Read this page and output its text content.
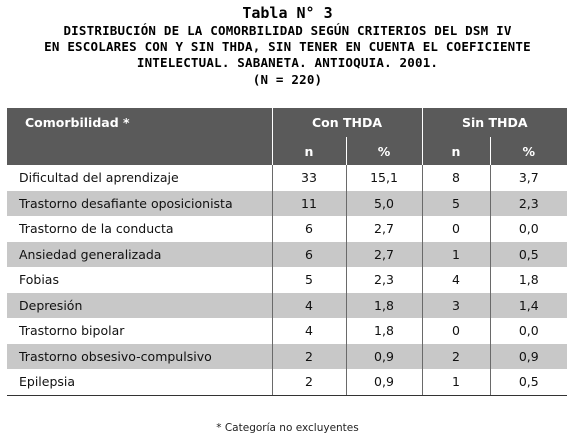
Tabla N° 3
DISTRIBUCIÓN DE LA COMORBILIDAD SEGÚN CRITERIOS DEL DSM IV
EN ESCOLARES CON Y SIN THDA, SIN TENER EN CUENTA EL COEFICIENTE
INTELECTUAL. SABANETA. ANTIOQUIA. 2001.
(N = 220)
Comorbilidad *	Con THDA		Sin THDA	
	n	%	n	%
Dificultad del aprendizaje	33	15,1	8	3,7
Trastorno desafiante oposicionista	11	5,0	5	2,3
Trastorno de la conducta	6	2,7	0	0,0
Ansiedad generalizada	6	2,7	1	0,5
Fobias	5	2,3	4	1,8
Depresión	4	1,8	3	1,4
Trastorno bipolar	4	1,8	0	0,0
Trastorno obsesivo-compulsivo	2	0,9	2	0,9
Epilepsia	2	0,9	1	0,5
* Categoría no excluyentes
